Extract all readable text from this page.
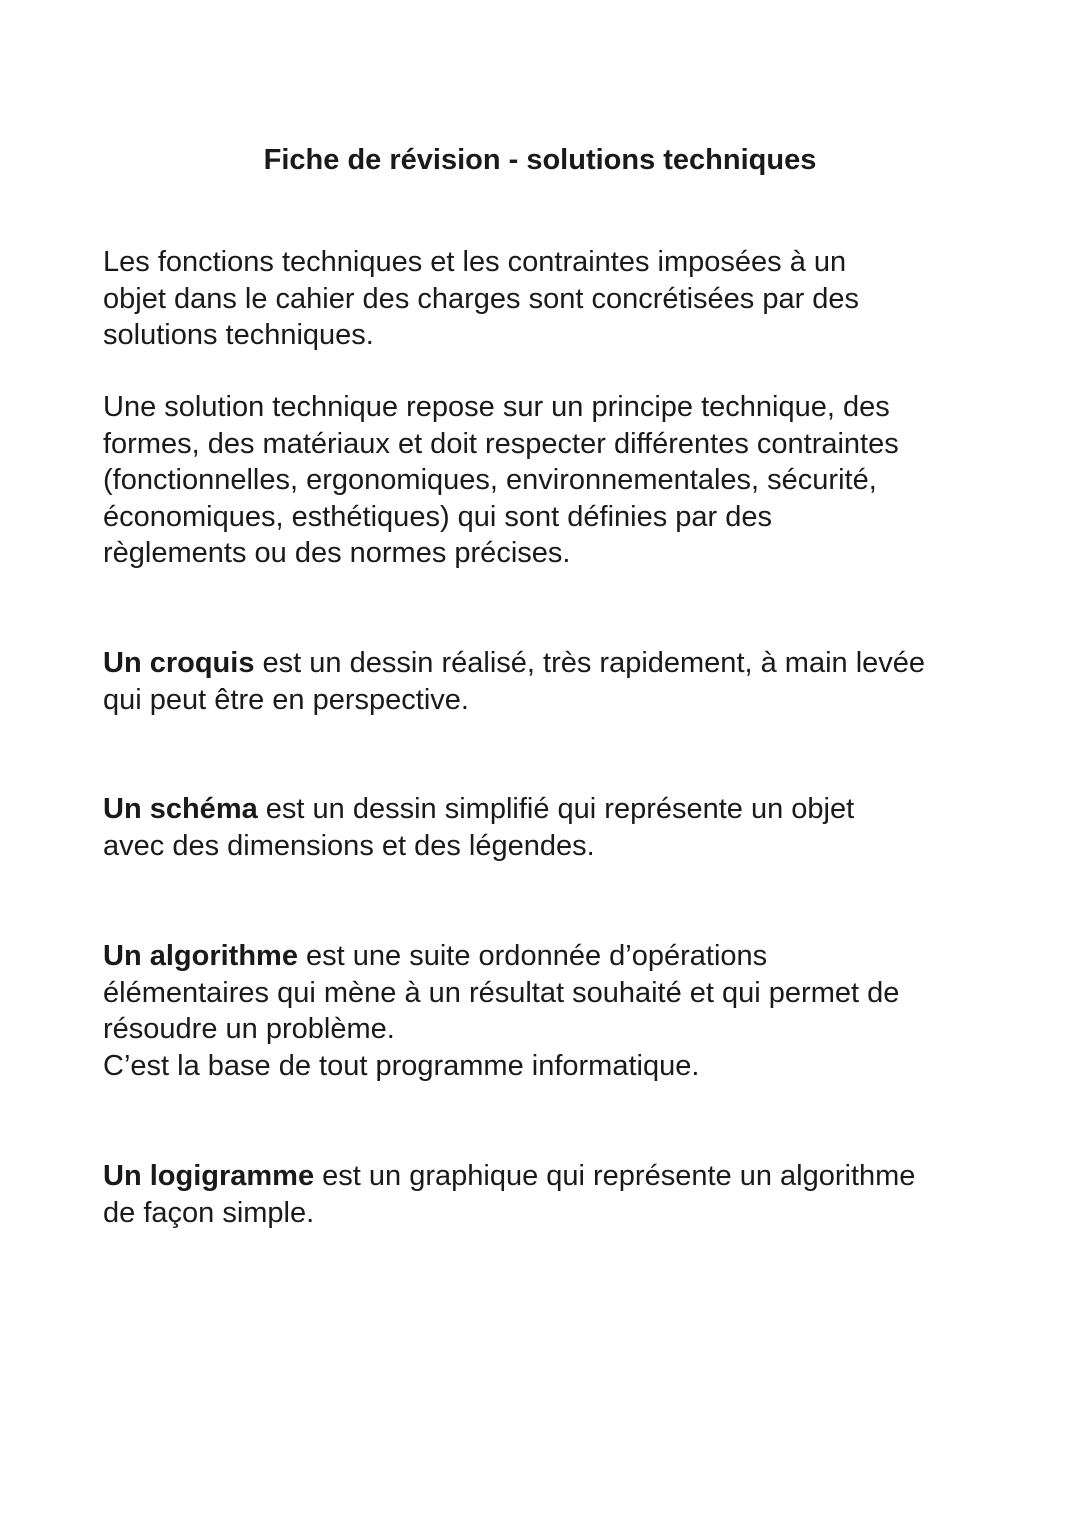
Fiche de révision - solutions techniques
Les fonctions techniques et les contraintes imposées à un
objet dans le cahier des charges sont concrétisées par des
solutions techniques.
Une solution technique repose sur un principe technique, des
formes, des matériaux et doit respecter différentes contraintes
(fonctionnelles, ergonomiques, environnementales, sécurité,
économiques, esthétiques) qui sont définies par des
règlements ou des normes précises.
Un croquis est un dessin réalisé, très rapidement, à main levée
qui peut être en perspective.
Un schéma est un dessin simplifié qui représente un objet
avec des dimensions et des légendes.
Un algorithme est une suite ordonnée d’opérations
élémentaires qui mène à un résultat souhaité et qui permet de
résoudre un problème.
C’est la base de tout programme informatique.
Un logigramme est un graphique qui représente un algorithme
de façon simple.
